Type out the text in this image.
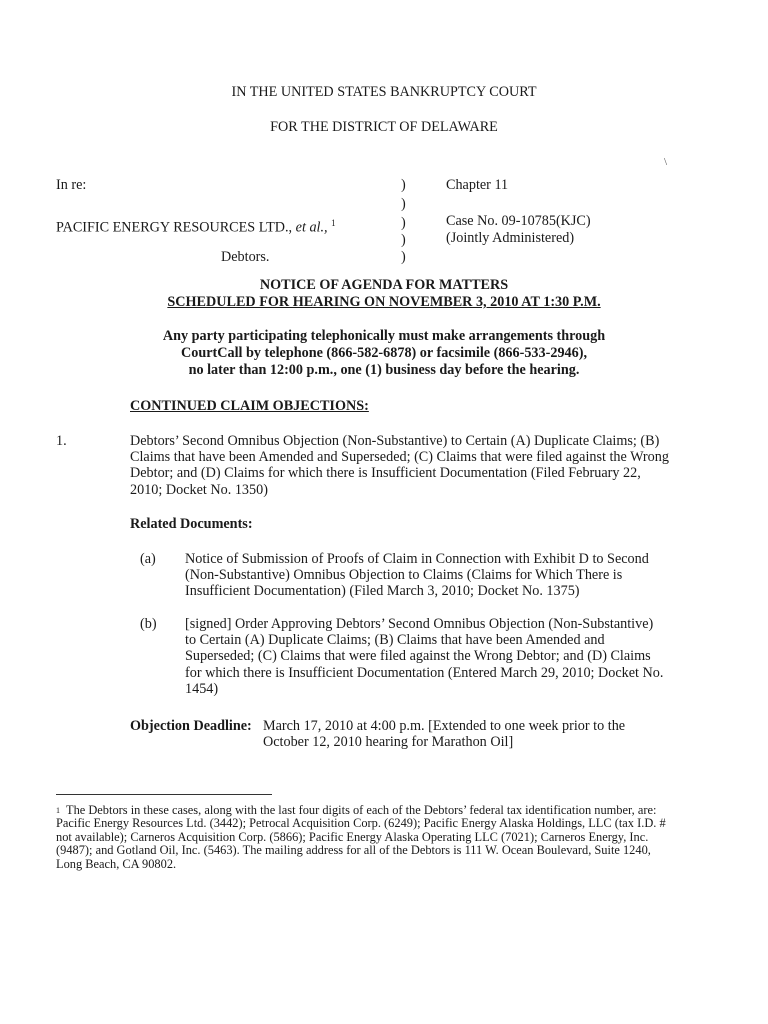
IN THE UNITED STATES BANKRUPTCY COURT
FOR THE DISTRICT OF DELAWARE
\
In re:
PACIFIC ENERGY RESOURCES LTD., et al., $^1$
Debtors.
)
)
)
)
)
Chapter 11
Case No. 09-10785(KJC)
(Jointly Administered)
NOTICE OF AGENDA FOR MATTERS
SCHEDULED FOR HEARING ON NOVEMBER 3, 2010 AT 1:30 P.M.
Any party participating telephonically must make arrangements through
CourtCall by telephone (866-582-6878) or facsimile (866-533-2946),
no later than 12:00 p.m., one (1) business day before the hearing.
CONTINUED CLAIM OBJECTIONS:
1.	Debtors’ Second Omnibus Objection (Non-Substantive) to Certain (A) Duplicate Claims; (B) Claims that have been Amended and Superseded; (C) Claims that were filed against the Wrong Debtor; and (D) Claims for which there is Insufficient Documentation (Filed February 22, 2010; Docket No. 1350)
Related Documents:
(a) Notice of Submission of Proofs of Claim in Connection with Exhibit D to Second (Non-Substantive) Omnibus Objection to Claims (Claims for Which There is Insufficient Documentation) (Filed March 3, 2010; Docket No. 1375)
(b) [signed] Order Approving Debtors’ Second Omnibus Objection (Non-Substantive) to Certain (A) Duplicate Claims; (B) Claims that have been Amended and Superseded; (C) Claims that were filed against the Wrong Debtor; and (D) Claims for which there is Insufficient Documentation (Entered March 29, 2010; Docket No. 1454)
Objection Deadline: March 17, 2010 at 4:00 p.m. [Extended to one week prior to the October 12, 2010 hearing for Marathon Oil]
$^1$ The Debtors in these cases, along with the last four digits of each of the Debtors’ federal tax identification number, are: Pacific Energy Resources Ltd. (3442); Petrocal Acquisition Corp. (6249); Pacific Energy Alaska Holdings, LLC (tax I.D. # not available); Carneros Acquisition Corp. (5866); Pacific Energy Alaska Operating LLC (7021); Carneros Energy, Inc. (9487); and Gotland Oil, Inc. (5463). The mailing address for all of the Debtors is 111 W. Ocean Boulevard, Suite 1240, Long Beach, CA 90802.
